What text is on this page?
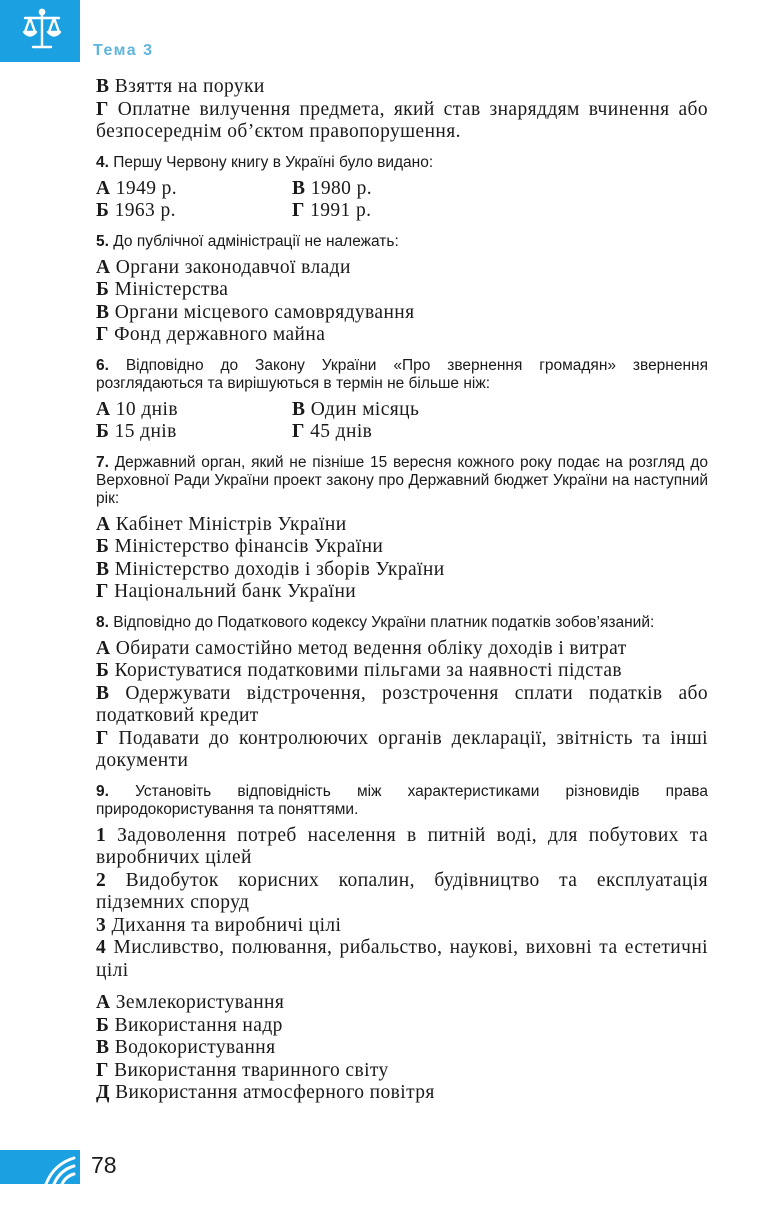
Тема 3
В Взяття на поруки
Г Оплатне вилучення предмета, який став знаряддям вчинення або безпосереднім об’єктом правопорушення.
4. Першу Червону книгу в Україні було видано:
А 1949 р.	В 1980 р.
Б 1963 р.	Г 1991 р.
5. До публічної адміністрації не належать:
А Органи законодавчої влади
Б Міністерства
В Органи місцевого самоврядування
Г Фонд державного майна
6. Відповідно до Закону України «Про звернення громадян» звернення розглядаються та вирішуються в термін не більше ніж:
А 10 днів	В Один місяць
Б 15 днів	Г 45 днів
7. Державний орган, який не пізніше 15 вересня кожного року подає на розгляд до Верховної Ради України проект закону про Державний бюджет України на наступний рік:
А Кабінет Міністрів України
Б Міністерство фінансів України
В Міністерство доходів і зборів України
Г Національний банк України
8. Відповідно до Податкового кодексу України платник податків зобов’язаний:
А Обирати самостійно метод ведення обліку доходів і витрат
Б Користуватися податковими пільгами за наявності підстав
В Одержувати відстрочення, розстрочення сплати податків або податковий кредит
Г Подавати до контролюючих органів декларації, звітність та інші документи
9. Установіть відповідність між характеристиками різновидів права природокористування та поняттями.
1 Задоволення потреб населення в питній воді, для побутових та виробничих цілей
2 Видобуток корисних копалин, будівництво та експлуатація підземних споруд
3 Дихання та виробничі цілі
4 Мисливство, полювання, рибальство, наукові, виховні та естетичні цілі
А Землекористування
Б Використання надр
В Водокористування
Г Використання тваринного світу
Д Використання атмосферного повітря
78
